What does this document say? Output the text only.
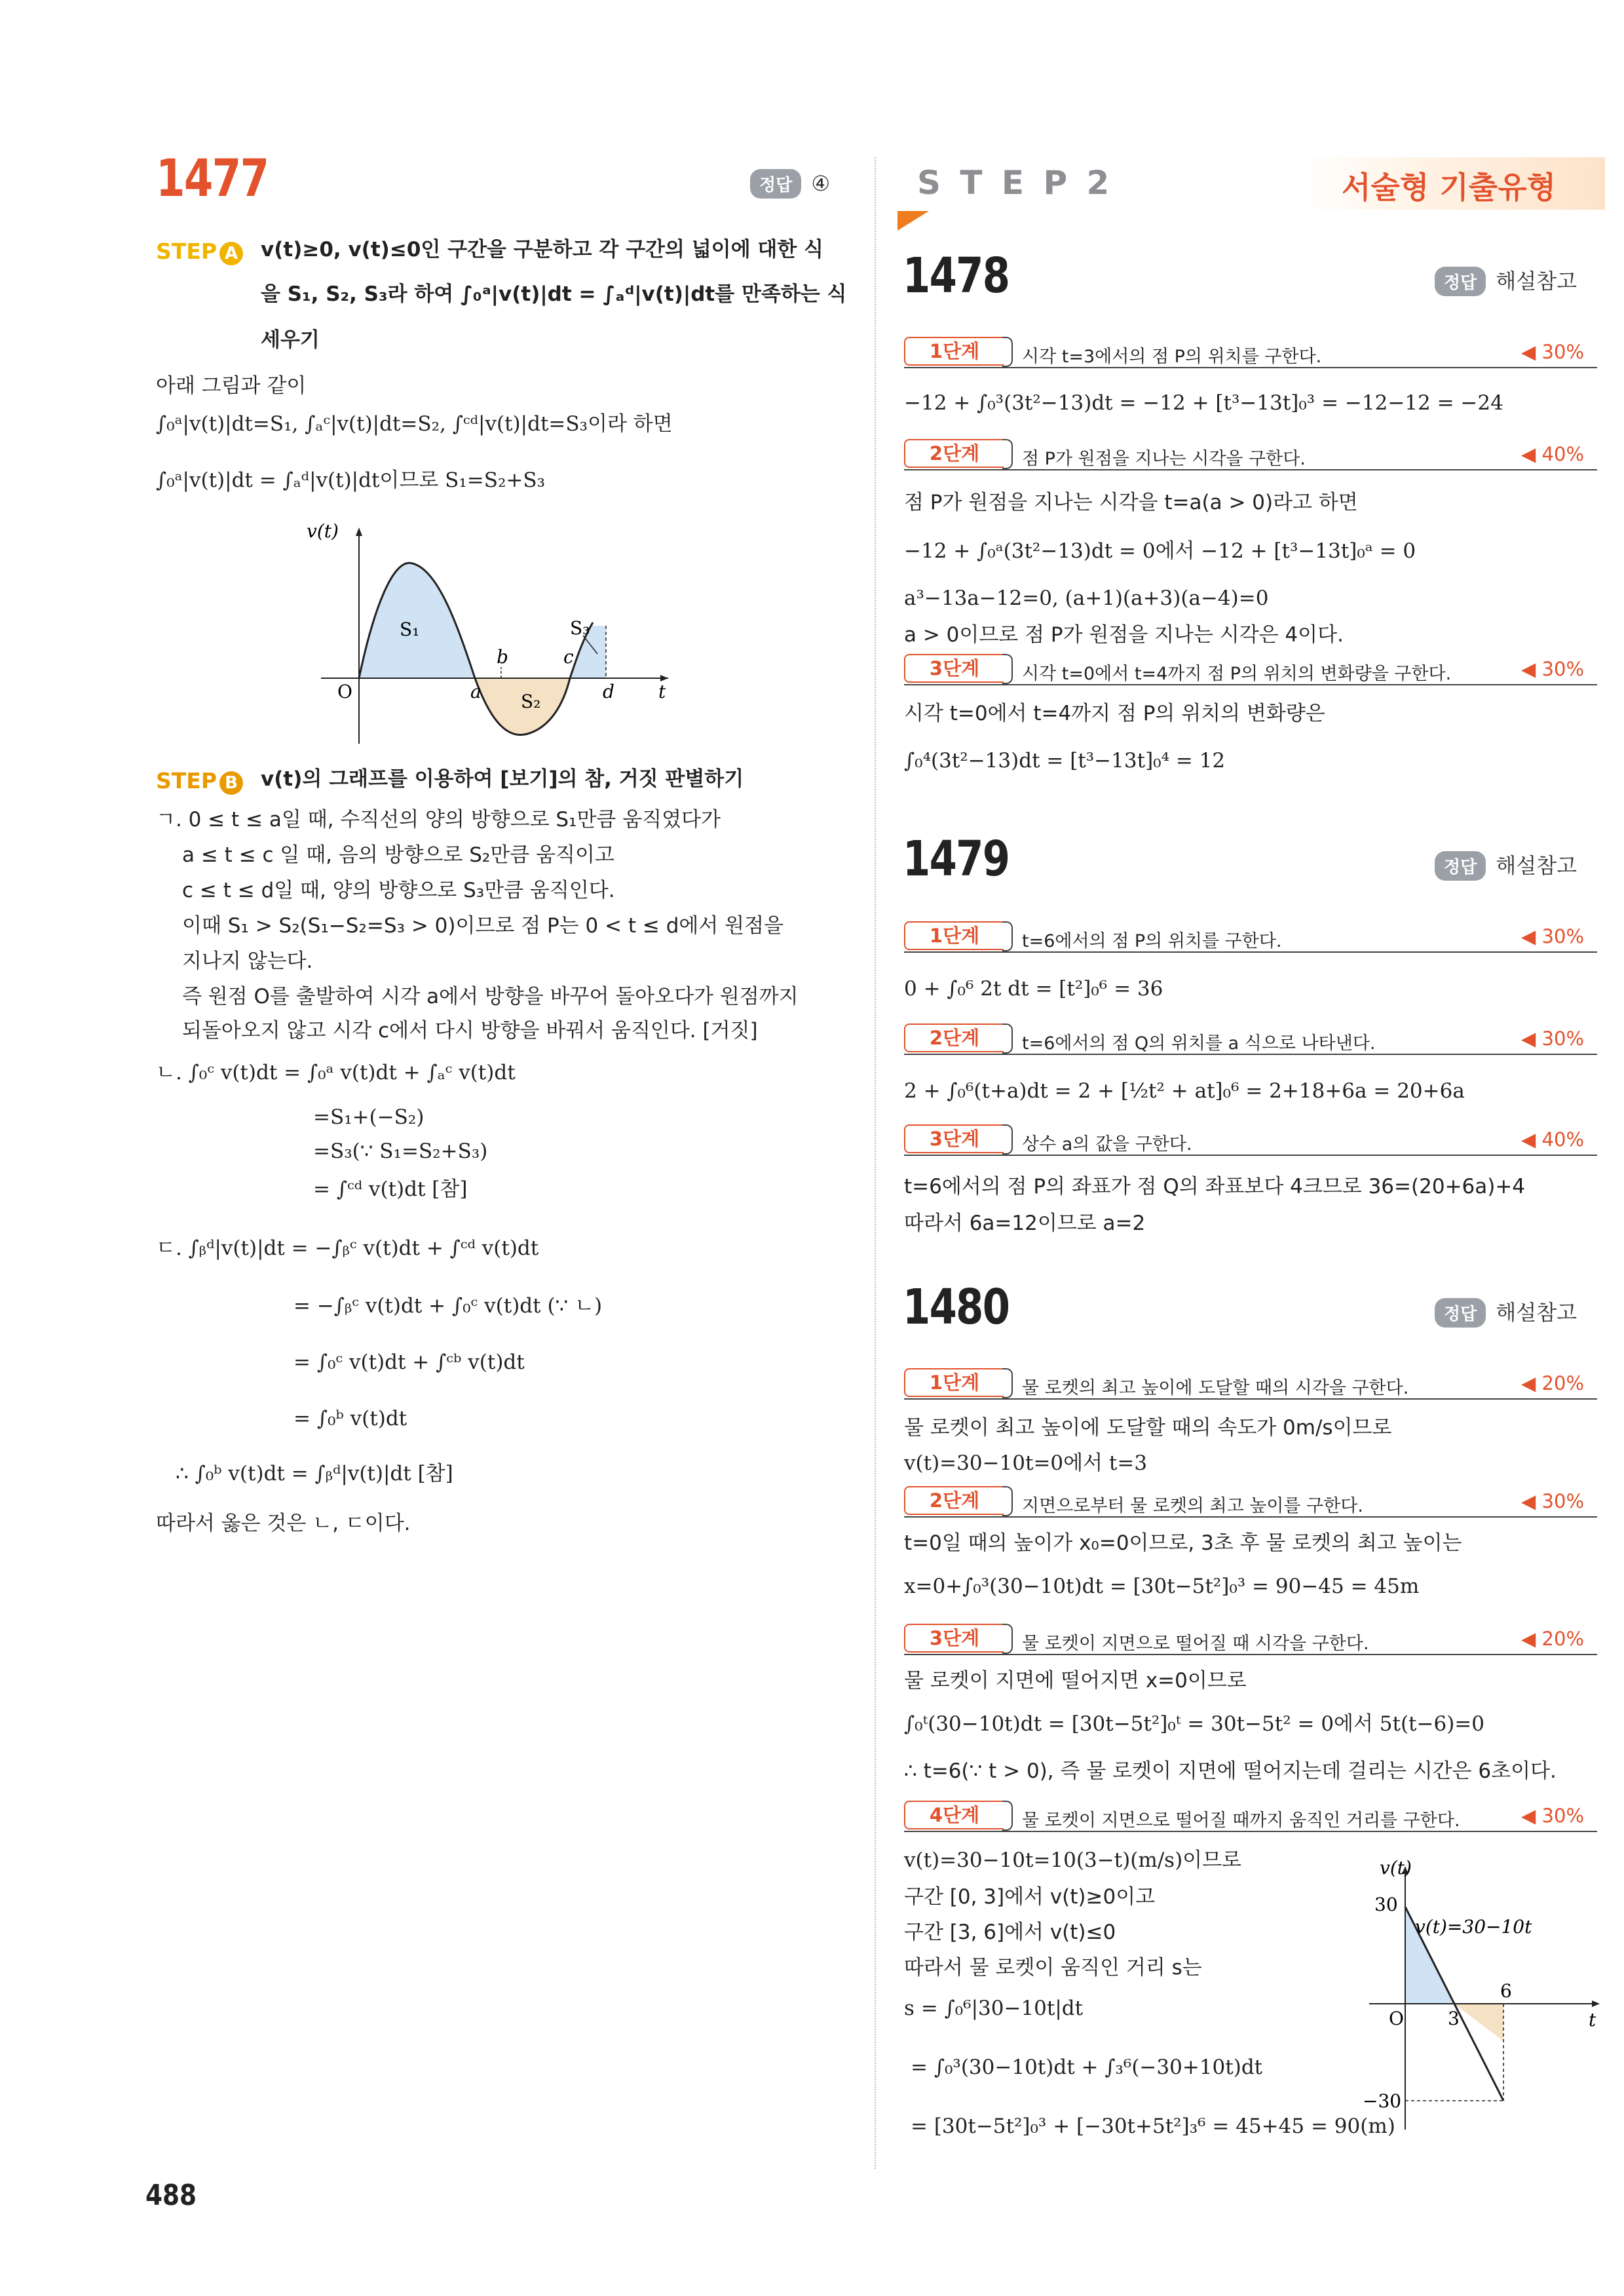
1477	정답 ④
STEP A v(t)≥0, v(t)≤0인 구간을 구분하고 각 구간의 넓이에 대한 식
을 S₁, S₂, S₃라 하여 ∫₀ᵃ|v(t)|dt = ∫ₐᵈ|v(t)|dt를 만족하는 식
세우기
아래 그림과 같이
∫₀ᵃ|v(t)|dt=S₁, ∫ₐᶜ|v(t)|dt=S₂, ∫ᶜᵈ|v(t)|dt=S₃이라 하면
∫₀ᵃ|v(t)|dt = ∫ₐᵈ|v(t)|dt이므로 S₁=S₂+S₃
v(t)
O	t
a
b	c
d
S₁
S₂
S₃
STEP B v(t)의 그래프를 이용하여 [보기]의 참, 거짓 판별하기
ㄱ. 0 ≤ t ≤ a일 때, 수직선의 양의 방향으로 S₁만큼 움직였다가
a ≤ t ≤ c 일 때, 음의 방향으로 S₂만큼 움직이고
c ≤ t ≤ d일 때, 양의 방향으로 S₃만큼 움직인다.
이때 S₁ > S₂(S₁−S₂=S₃ > 0)이므로 점 P는 0 < t ≤ d에서 원점을
지나지 않는다.
즉 원점 O를 출발하여 시각 a에서 방향을 바꾸어 돌아오다가 원점까지
되돌아오지 않고 시각 c에서 다시 방향을 바꿔서 움직인다. [거짓]
ㄴ. ∫₀ᶜ v(t)dt = ∫₀ᵃ v(t)dt + ∫ₐᶜ v(t)dt
=S₁+(−S₂)
=S₃(∵ S₁=S₂+S₃)
= ∫ᶜᵈ v(t)dt [참]
ㄷ. ∫ᵦᵈ|v(t)|dt = −∫ᵦᶜ v(t)dt + ∫ᶜᵈ v(t)dt
= −∫ᵦᶜ v(t)dt + ∫₀ᶜ v(t)dt (∵ ㄴ)
= ∫₀ᶜ v(t)dt + ∫ᶜᵇ v(t)dt
= ∫₀ᵇ v(t)dt
∴ ∫₀ᵇ v(t)dt = ∫ᵦᵈ|v(t)|dt [참]
따라서 옳은 것은 ㄴ, ㄷ이다.
488
S T E P 2	서술형 기출유형
1478	정답 해설참고
1단계	시각 t=3에서의 점 P의 위치를 구한다.	◀ 30%
−12 + ∫₀³(3t²−13)dt = −12 + [t³−13t]₀³ = −12−12 = −24
2단계	점 P가 원점을 지나는 시각을 구한다.	◀ 40%
점 P가 원점을 지나는 시각을 t=a(a > 0)라고 하면
−12 + ∫₀ᵃ(3t²−13)dt = 0에서 −12 + [t³−13t]₀ᵃ = 0
a³−13a−12=0, (a+1)(a+3)(a−4)=0
a > 0이므로 점 P가 원점을 지나는 시각은 4이다.
3단계	시각 t=0에서 t=4까지 점 P의 위치의 변화량을 구한다.	◀ 30%
시각 t=0에서 t=4까지 점 P의 위치의 변화량은
∫₀⁴(3t²−13)dt = [t³−13t]₀⁴ = 12
1479	정답 해설참고
1단계	t=6에서의 점 P의 위치를 구한다.	◀ 30%
0 + ∫₀⁶ 2t dt = [t²]₀⁶ = 36
2단계	t=6에서의 점 Q의 위치를 a 식으로 나타낸다.	◀ 30%
2 + ∫₀⁶(t+a)dt = 2 + [½t² + at]₀⁶ = 2+18+6a = 20+6a
3단계	상수 a의 값을 구한다.	◀ 40%
t=6에서의 점 P의 좌표가 점 Q의 좌표보다 4크므로 36=(20+6a)+4
따라서 6a=12이므로 a=2
1480	정답 해설참고
1단계	물 로켓의 최고 높이에 도달할 때의 시각을 구한다.	◀ 20%
물 로켓이 최고 높이에 도달할 때의 속도가 0m/s이므로
v(t)=30−10t=0에서 t=3
2단계	지면으로부터 물 로켓의 최고 높이를 구한다.	◀ 30%
t=0일 때의 높이가 x₀=0이므로, 3초 후 물 로켓의 최고 높이는
x=0+∫₀³(30−10t)dt = [30t−5t²]₀³ = 90−45 = 45m
3단계	물 로켓이 지면으로 떨어질 때 시각을 구한다.	◀ 20%
물 로켓이 지면에 떨어지면 x=0이므로
∫₀ᵗ(30−10t)dt = [30t−5t²]₀ᵗ = 30t−5t² = 0에서 5t(t−6)=0
∴ t=6(∵ t > 0), 즉 물 로켓이 지면에 떨어지는데 걸리는 시간은 6초이다.
4단계	물 로켓이 지면으로 떨어질 때까지 움직인 거리를 구한다.	◀ 30%
v(t)=30−10t=10(3−t)(m/s)이므로
구간 [0, 3]에서 v(t)≥0이고
구간 [3, 6]에서 v(t)≤0
따라서 물 로켓이 움직인 거리 s는
s = ∫₀⁶|30−10t|dt
= ∫₀³(30−10t)dt + ∫₃⁶(−30+10t)dt
= [30t−5t²]₀³ + [−30t+5t²]₃⁶ = 45+45 = 90(m)
v(t)
30
v(t)=30−10t
6
O 3	t
−30
